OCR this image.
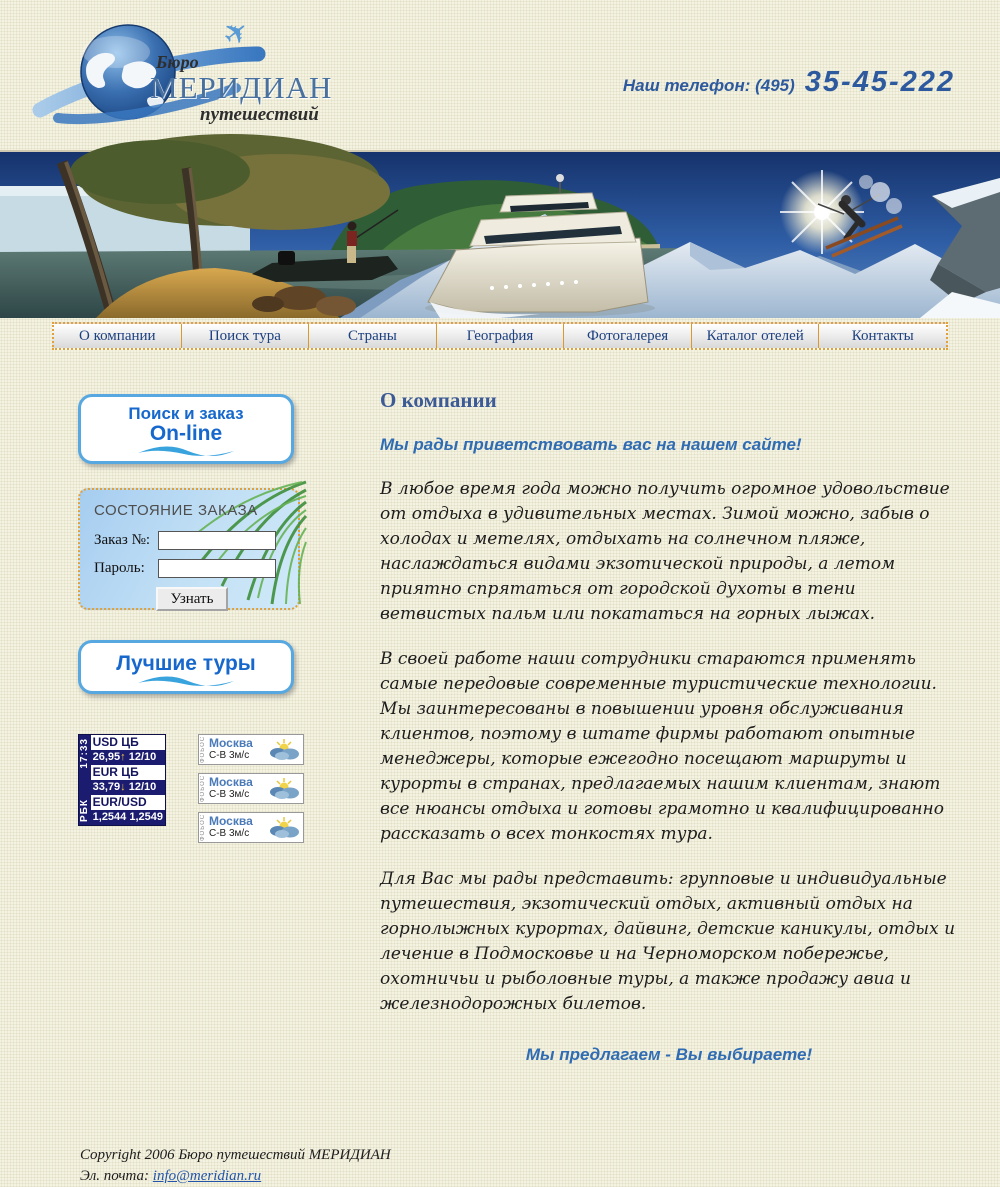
✈
Бюро
МЕРИДИАН
путешествий
Наш телефон: (495) 35-45-222
О компании	Поиск тура	Страны	География	Фотогалерея	Каталог отелей	Контакты
Поиск и заказ
On-line
СОСТОЯНИЕ ЗАКАЗА
Заказ №:
Пароль:
Узнать
Лучшие туры
17:33
РБК
USD ЦБ
26,95↑ 12/10
EUR ЦБ
33,79↓ 12/10
EUR/USD
1,2544 1,2549
ФОБОС Москва
С-В 3м/с
ФОБОС Москва
С-В 3м/с
ФОБОС Москва
С-В 3м/с
О компании

Мы рады приветствовать вас на нашем сайте!

В любое время года можно получить огромное удовольствие от отдыха в удивительных местах. Зимой можно, забыв о холодах и метелях, отдыхать на солнечном пляже, наслаждаться видами экзотической природы, а летом приятно спрятаться от городской духоты в тени ветвистых пальм или покататься на горных лыжах.

В своей работе наши сотрудники стараются применять самые передовые современные туристические технологии. Мы заинтересованы в повышении уровня обслуживания клиентов, поэтому в штате фирмы работают опытные менеджеры, которые ежегодно посещают маршруты и курорты в странах, предлагаемых нашим клиентам, знают все нюансы отдыха и готовы грамотно и квалифицированно рассказать о всех тонкостях тура.

Для Вас мы рады представить: групповые и индивидуальные путешествия, экзотический отдых, активный отдых на горнолыжных курортах, дайвинг, детские каникулы, отдых и лечение в Подмосковье и на Черноморском побережье, охотничьи и рыболовные туры, а также продажу авиа и железнодорожных билетов.

Мы предлагаем - Вы выбираете!

Copyright 2006 Бюро путешествий МЕРИДИАН
Эл. почта: info@meridian.ru
